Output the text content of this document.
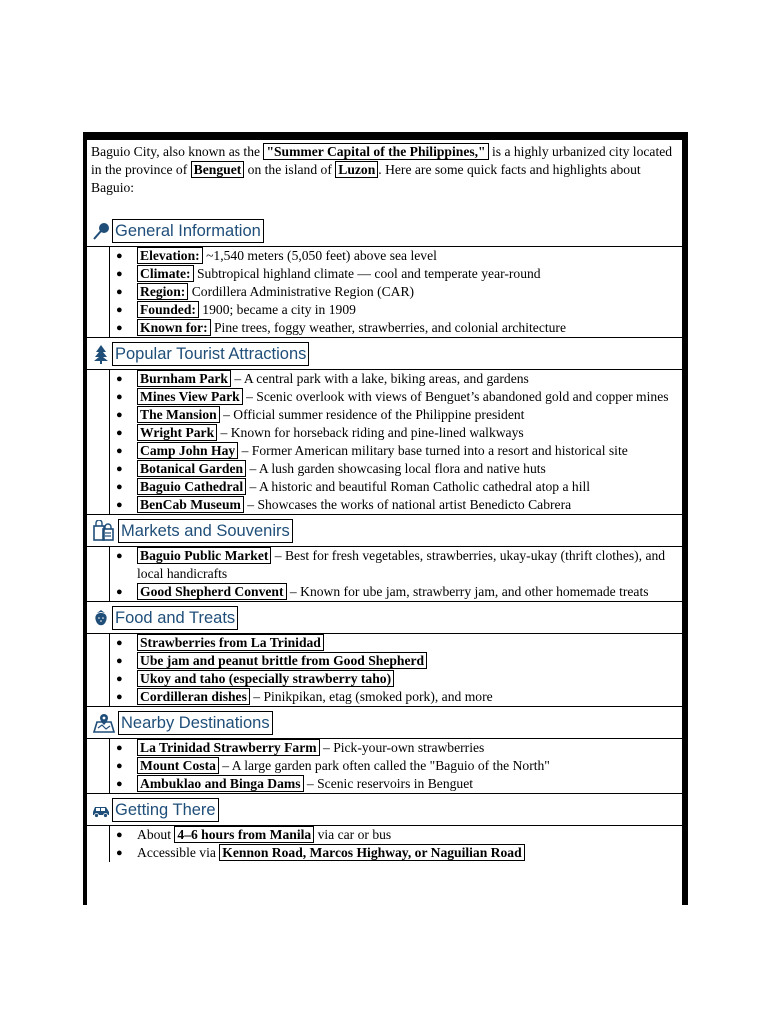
Baguio City, also known as the "Summer Capital of the Philippines," is a highly urbanized city located in the province of Benguet on the island of Luzon . Here are some quick facts and highlights about Baguio:
General Information
● Elevation: ~1,540 meters (5,050 feet) above sea level
● Climate: Subtropical highland climate — cool and temperate year-round
● Region: Cordillera Administrative Region (CAR)
● Founded: 1900; became a city in 1909
● Known for: Pine trees, foggy weather, strawberries, and colonial architecture
Popular Tourist Attractions
● Burnham Park – A central park with a lake, biking areas, and gardens
● Mines View Park – Scenic overlook with views of Benguet’s abandoned gold and copper mines
● The Mansion – Official summer residence of the Philippine president
● Wright Park – Known for horseback riding and pine-lined walkways
● Camp John Hay – Former American military base turned into a resort and historical site
● Botanical Garden – A lush garden showcasing local flora and native huts
● Baguio Cathedral – A historic and beautiful Roman Catholic cathedral atop a hill
● BenCab Museum – Showcases the works of national artist Benedicto Cabrera
Markets and Souvenirs
● Baguio Public Market – Best for fresh vegetables, strawberries, ukay-ukay (thrift clothes), and local handicrafts
● Good Shepherd Convent – Known for ube jam, strawberry jam, and other homemade treats
Food and Treats
● Strawberries from La Trinidad
● Ube jam and peanut brittle from Good Shepherd
● Ukoy and taho (especially strawberry taho)
● Cordilleran dishes – Pinikpikan, etag (smoked pork), and more
Nearby Destinations
● La Trinidad Strawberry Farm – Pick-your-own strawberries
● Mount Costa – A large garden park often called the "Baguio of the North"
● Ambuklao and Binga Dams – Scenic reservoirs in Benguet
Getting There
● About 4–6 hours from Manila via car or bus
● Accessible via Kennon Road, Marcos Highway, or Naguilian Road
